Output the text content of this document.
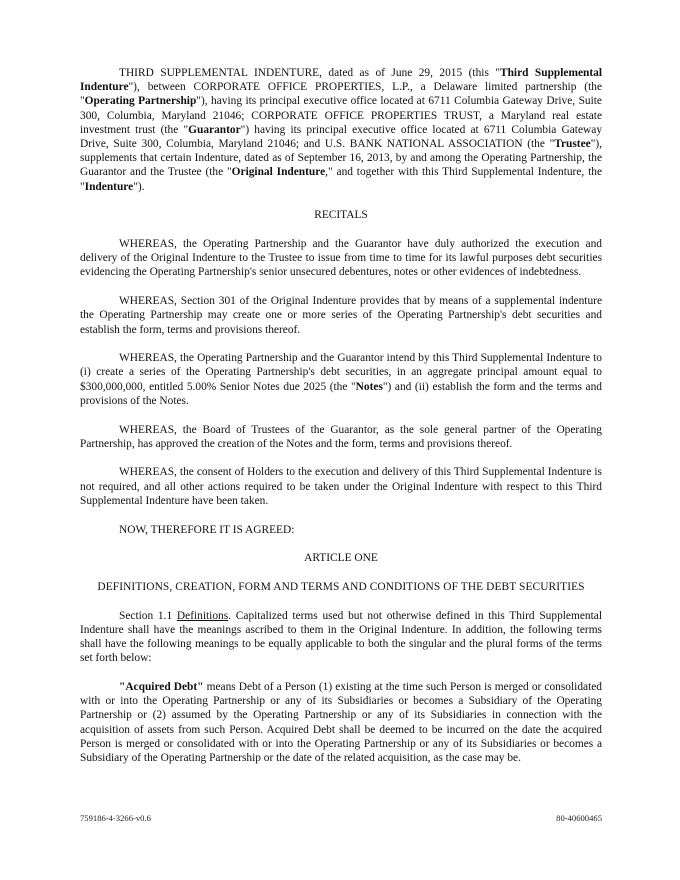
THIRD SUPPLEMENTAL INDENTURE, dated as of June 29, 2015 (this "Third Supplemental Indenture"), between CORPORATE OFFICE PROPERTIES, L.P., a Delaware limited partnership (the "Operating Partnership"), having its principal executive office located at 6711 Columbia Gateway Drive, Suite 300, Columbia, Maryland 21046; CORPORATE OFFICE PROPERTIES TRUST, a Maryland real estate investment trust (the "Guarantor") having its principal executive office located at 6711 Columbia Gateway Drive, Suite 300, Columbia, Maryland 21046; and U.S. BANK NATIONAL ASSOCIATION (the "Trustee"), supplements that certain Indenture, dated as of September 16, 2013, by and among the Operating Partnership, the Guarantor and the Trustee (the "Original Indenture," and together with this Third Supplemental Indenture, the "Indenture").

RECITALS

WHEREAS, the Operating Partnership and the Guarantor have duly authorized the execution and delivery of the Original Indenture to the Trustee to issue from time to time for its lawful purposes debt securities evidencing the Operating Partnership's senior unsecured debentures, notes or other evidences of indebtedness.

WHEREAS, Section 301 of the Original Indenture provides that by means of a supplemental indenture the Operating Partnership may create one or more series of the Operating Partnership's debt securities and establish the form, terms and provisions thereof.

WHEREAS, the Operating Partnership and the Guarantor intend by this Third Supplemental Indenture to (i) create a series of the Operating Partnership's debt securities, in an aggregate principal amount equal to $300,000,000, entitled 5.00% Senior Notes due 2025 (the "Notes") and (ii) establish the form and the terms and provisions of the Notes.

WHEREAS, the Board of Trustees of the Guarantor, as the sole general partner of the Operating Partnership, has approved the creation of the Notes and the form, terms and provisions thereof.

WHEREAS, the consent of Holders to the execution and delivery of this Third Supplemental Indenture is not required, and all other actions required to be taken under the Original Indenture with respect to this Third Supplemental Indenture have been taken.

NOW, THEREFORE IT IS AGREED:

ARTICLE ONE

DEFINITIONS, CREATION, FORM AND TERMS AND CONDITIONS OF THE DEBT SECURITIES

Section 1.1 Definitions. Capitalized terms used but not otherwise defined in this Third Supplemental Indenture shall have the meanings ascribed to them in the Original Indenture. In addition, the following terms shall have the following meanings to be equally applicable to both the singular and the plural forms of the terms set forth below:

"Acquired Debt" means Debt of a Person (1) existing at the time such Person is merged or consolidated with or into the Operating Partnership or any of its Subsidiaries or becomes a Subsidiary of the Operating Partnership or (2) assumed by the Operating Partnership or any of its Subsidiaries in connection with the acquisition of assets from such Person. Acquired Debt shall be deemed to be incurred on the date the acquired Person is merged or consolidated with or into the Operating Partnership or any of its Subsidiaries or becomes a Subsidiary of the Operating Partnership or the date of the related acquisition, as the case may be.

759186-4-3266-v0.6	80-40600465
